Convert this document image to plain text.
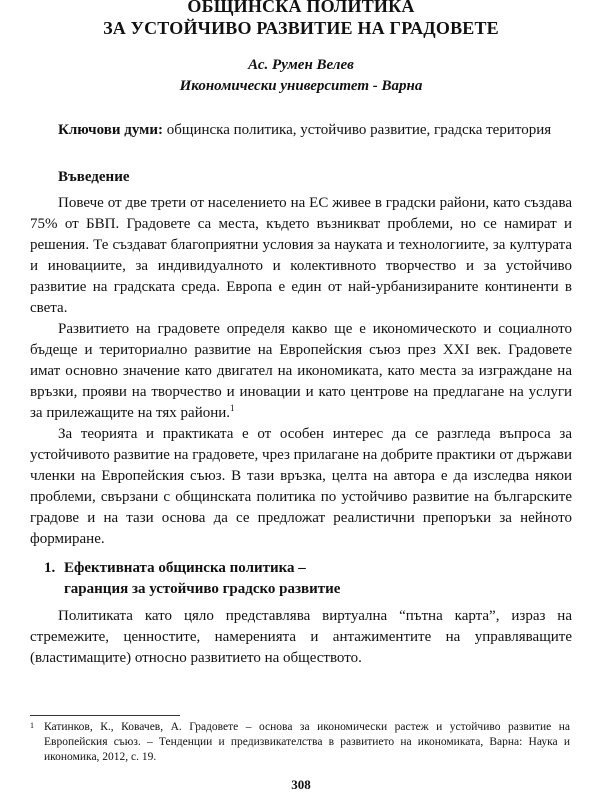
ОБЩИНСКА ПОЛИТИКА
ЗА УСТОЙЧИВО РАЗВИТИЕ НА ГРАДОВЕТЕ
Ас. Румен Велев
Икономически университет - Варна

Ключови думи: общинска политика, устойчиво развитие, градска територия

Въведение

Повече от две трети от населението на ЕС живее в градски райони, като създава 75% от БВП. Градовете са места, където възникват проблеми, но се намират и решения. Те създават благоприятни условия за науката и технологиите, за културата и иновациите, за индивидуалното и колективното творчество и за устойчиво развитие на градската среда. Европа е един от най-урбанизираните континенти в света.

Развитието на градовете определя какво ще е икономическото и социалното бъдеще и териториално развитие на Европейския съюз през XXI век. Градовете имат основно значение като двигател на икономиката, като места за изграждане на връзки, прояви на творчество и иновации и като центрове на предлагане на услуги за прилежащите на тях райони.$^1$

За теорията и практиката е от особен интерес да се разгледа въпроса за устойчивото развитие на градовете, чрез прилагане на добрите практики от държави членки на Европейския съюз. В тази връзка, целта на автора е да изследва някои проблеми, свързани с общинската политика по устойчиво развитие на българските градове и на тази основа да се предложат реалистични препоръки за нейното формиране.

1. Ефективната общинска политика –
гаранция за устойчиво градско развитие

Политиката като цяло представлява виртуална “пътна карта”, израз на стремежите, ценностите, намеренията и антажиментите на управляващите (властимащите) относно развитието на обществото.

1 Катинков, К., Ковачев, А. Градовете – основа за икономически растеж и устойчиво развитие на Европейския съюз. – Тенденции и предизвикателства в развитието на икономиката, Варна: Наука и икономика, 2012, с. 19.
308
